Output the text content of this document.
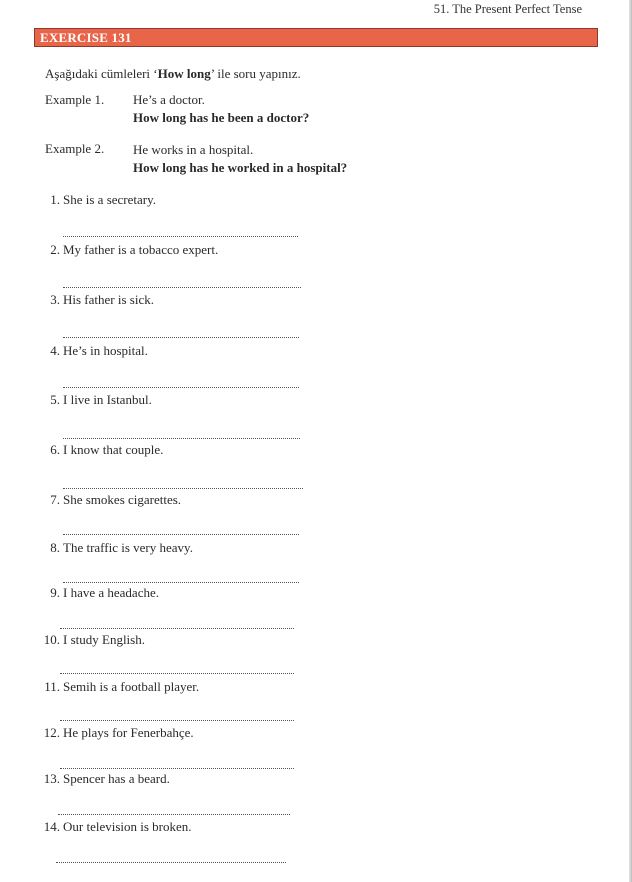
51. The Present Perfect Tense
EXERCISE 131
Aşağıdaki cümleleri ‘How long’ ile soru yapınız.
Example 1. He’s a doctor.
How long has he been a doctor?
Example 2. He works in a hospital.
How long has he worked in a hospital?
1. She is a secretary.
2. My father is a tobacco expert.
3. His father is sick.
4. He’s in hospital.
5. I live in Istanbul.
6. I know that couple.
7. She smokes cigarettes.
8. The traffic is very heavy.
9. I have a headache.
10. I study English.
11. Semih is a football player.
12. He plays for Fenerbahçe.
13. Spencer has a beard.
14. Our television is broken.
